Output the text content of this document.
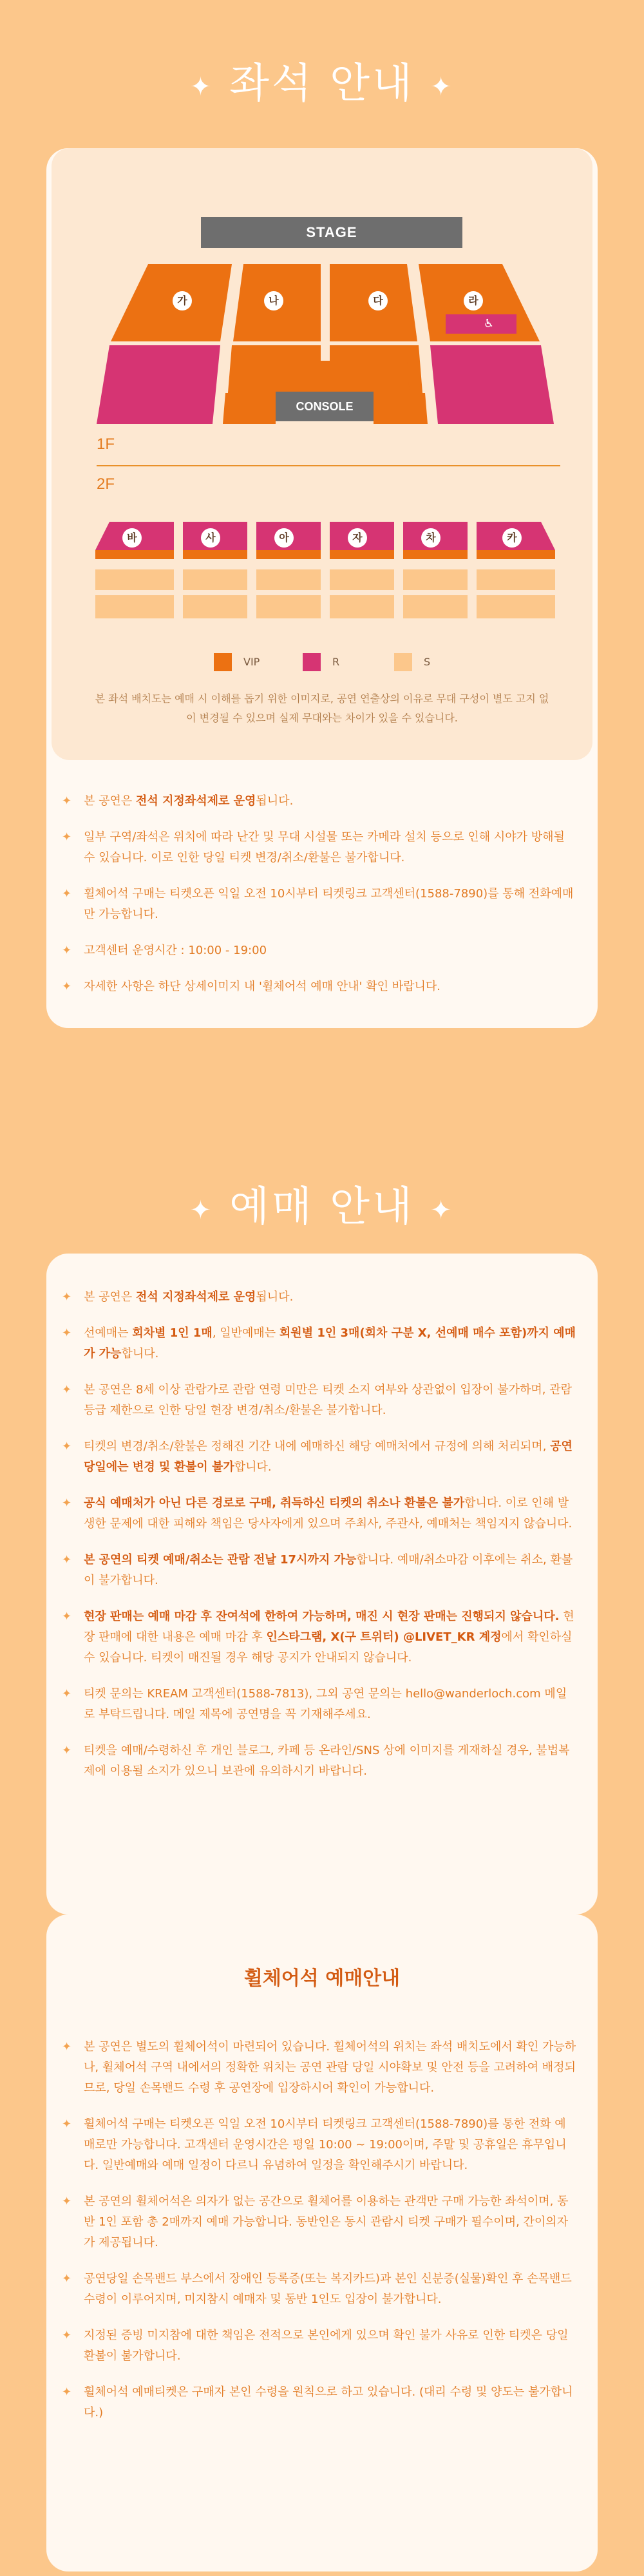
✦ 좌석 안내 ✦
STAGE
가	나	다	라
♿
CONSOLE
1F
2F
바	사	아	자	차	카
VIP	R	S
본 좌석 배치도는 예매 시 이해를 돕기 위한 이미지로, 공연 연출상의 이유로 무대 구성이 별도 고지 없이 변경될 수 있으며 실제 무대와는 차이가 있을 수 있습니다.
✦ 본 공연은 전석 지정좌석제로 운영됩니다.
✦ 일부 구역/좌석은 위치에 따라 난간 및 무대 시설물 또는 카메라 설치 등으로 인해 시야가 방해될 수 있습니다. 이로 인한 당일 티켓 변경/취소/환불은 불가합니다.
✦ 휠체어석 구매는 티켓오픈 익일 오전 10시부터 티켓링크 고객센터(1588-7890)를 통해 전화예매만 가능합니다.
✦ 고객센터 운영시간 : 10:00 - 19:00
✦ 자세한 사항은 하단 상세이미지 내 '휠체어석 예매 안내' 확인 바랍니다.
✦ 예매 안내 ✦
✦ 본 공연은 전석 지정좌석제로 운영됩니다.
✦ 선예매는 회차별 1인 1매, 일반예매는 회원별 1인 3매(회차 구분 X, 선예매 매수 포함)까지 예매가 가능합니다.
✦ 본 공연은 8세 이상 관람가로 관람 연령 미만은 티켓 소지 여부와 상관없이 입장이 불가하며, 관람 등급 제한으로 인한 당일 현장 변경/취소/환불은 불가합니다.
✦ 티켓의 변경/취소/환불은 정해진 기간 내에 예매하신 해당 예매처에서 규정에 의해 처리되며, 공연 당일에는 변경 및 환불이 불가합니다.
✦ 공식 예매처가 아닌 다른 경로로 구매, 취득하신 티켓의 취소나 환불은 불가합니다. 이로 인해 발생한 문제에 대한 피해와 책임은 당사자에게 있으며 주최사, 주관사, 예매처는 책임지지 않습니다.
✦ 본 공연의 티켓 예매/취소는 관람 전날 17시까지 가능합니다. 예매/취소마감 이후에는 취소, 환불이 불가합니다.
✦ 현장 판매는 예매 마감 후 잔여석에 한하여 가능하며, 매진 시 현장 판매는 진행되지 않습니다. 현장 판매에 대한 내용은 예매 마감 후 인스타그램, X(구 트위터) @LIVET_KR 계정에서 확인하실 수 있습니다. 티켓이 매진될 경우 해당 공지가 안내되지 않습니다.
✦ 티켓 문의는 KREAM 고객센터(1588-7813), 그외 공연 문의는 hello@wanderloch.com 메일로 부탁드립니다. 메일 제목에 공연명을 꼭 기재해주세요.
✦ 티켓을 예매/수령하신 후 개인 블로그, 카페 등 온라인/SNS 상에 이미지를 게재하실 경우, 불법복제에 이용될 소지가 있으니 보관에 유의하시기 바랍니다.
휠체어석 예매안내
✦ 본 공연은 별도의 휠체어석이 마련되어 있습니다. 휠체어석의 위치는 좌석 배치도에서 확인 가능하나, 휠체어석 구역 내에서의 정확한 위치는 공연 관람 당일 시야확보 및 안전 등을 고려하여 배정되므로, 당일 손목밴드 수령 후 공연장에 입장하시어 확인이 가능합니다.
✦ 휠체어석 구매는 티켓오픈 익일 오전 10시부터 티켓링크 고객센터(1588-7890)를 통한 전화 예매로만 가능합니다. 고객센터 운영시간은 평일 10:00 ~ 19:00이며, 주말 및 공휴일은 휴무입니다. 일반예매와 예매 일정이 다르니 유념하여 일정을 확인해주시기 바랍니다.
✦ 본 공연의 휠체어석은 의자가 없는 공간으로 휠체어를 이용하는 관객만 구매 가능한 좌석이며, 동반 1인 포함 총 2매까지 예매 가능합니다. 동반인은 동시 관람시 티켓 구매가 필수이며, 간이의자가 제공됩니다.
✦ 공연당일 손목밴드 부스에서 장애인 등록증(또는 복지카드)과 본인 신분증(실물)확인 후 손목밴드 수령이 이루어지며, 미지참시 예매자 및 동반 1인도 입장이 불가합니다.
✦ 지정된 증빙 미지참에 대한 책임은 전적으로 본인에게 있으며 확인 불가 사유로 인한 티켓은 당일 환불이 불가합니다.
✦ 휠체어석 예매티켓은 구매자 본인 수령을 원칙으로 하고 있습니다. (대리 수령 및 양도는 불가합니다.)
